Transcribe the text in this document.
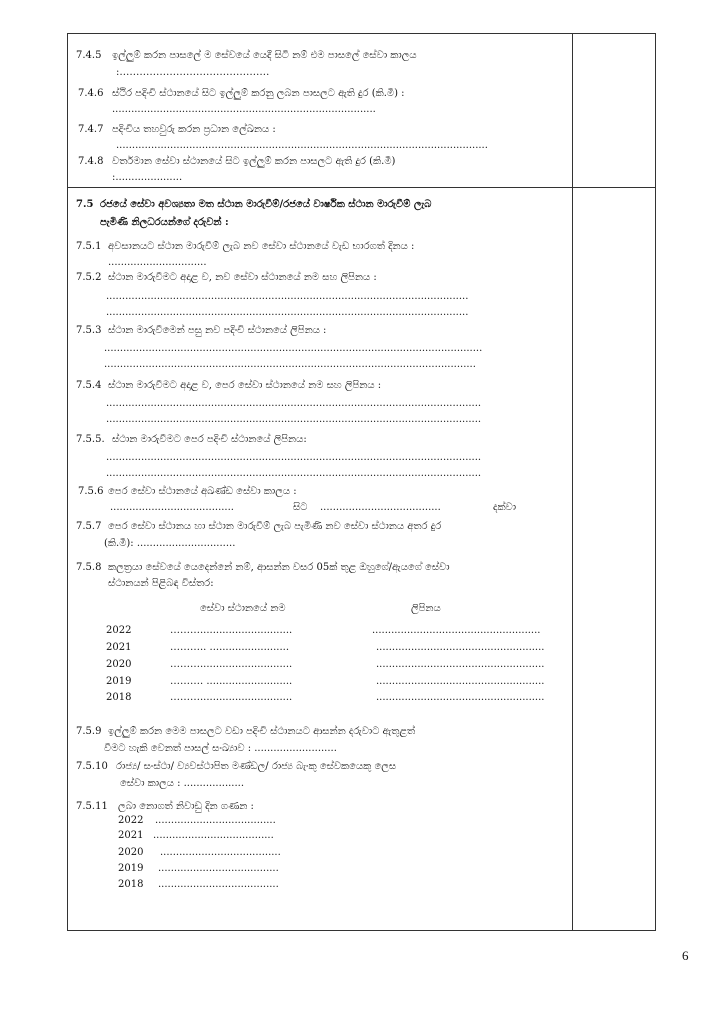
7.4.5 ඉල්ලුම් කරන පාසලේ ම සේවයේ යෙදී සිටී නම් එම පාසලේ සේවා කාලය
:………………………………………
7.4.6 ස්ථිර පදිංචි ස්ථානයේ සිට ඉල්ලුම් කරනු ලබන පාසලට ඇති දුර (කි.මී) :
...................................................................................
7.4.7 පදිංචිය තහවුරු කරන ප්‍රධාන ලේඛනය :
.....................................................................................................................
7.4.8 වර්තමාන සේවා ස්ථානයේ සිට ඉල්ලුම් කරන පාසලට ඇති දුර (කි.මී)
:.....................
7.5 රජයේ සේවා අවශ්‍යතා මත ස්ථාන මාරුවීම්/රජයේ වාර්ෂික ස්ථාන මාරුවීම් ලැබ
පැමිණි නිලධරයන්ගේ දරුවන් :
7.5.1 අවසානයට ස්ථාන මාරුවීම් ලැබ නව සේවා ස්ථානයේ වැඩ භාරගත් දිනය :
...............................
7.5.2 ස්ථාන මාරුවීමට අදාළ ව, නව සේවා ස්ථානයේ නම සහ ලිපිනය :
..................................................................................................................
..................................................................................................................
7.5.3 ස්ථාන මාරුවීමෙන් පසු නව පදිංචි ස්ථානයේ ලිපිනය :
.......................................................................................................................
.....................................................................................................................
7.5.4 ස්ථාන මාරුවීමට අදාළ ව, පෙර සේවා ස්ථානයේ නම සහ ලිපිනය :
......................................................................................................................
......................................................................................................................
7.5.5. ස්ථාන මාරුවීමට පෙර පදිංචි ස්ථානයේ ලිපිනය:
......................................................................................................................
......................................................................................................................
7.5.6 පෙර සේවා ස්ථානයේ අඛණ්ඩ සේවා කාලය :
.......................................	සිට ......................................	දක්වා
7.5.7 පෙර සේවා ස්ථානය හා ස්ථාන මාරුවීම් ලැබ පැමිණි නව සේවා ස්ථානය අතර දුර
(කි.මී): ...............................
7.5.8 කලත්‍රයා සේවයේ යෙදෙන්නේ නම්, ආසන්න වසර 05ක් තුළ ඔහුගේ/ඇයගේ සේවා
ස්ථානයන් පිළිබඳ විස්තර:
සේවා ස්ථානයේ නම	ලිපිනය
2022	……….............................	.....................................................
2021	……….. .........................	.....................................................
2020	……….............................	.....................................................
2019	………. ...........................	.....................................................
2018	……….............................	.....................................................
7.5.9 ඉල්ලුම් කරන මෙම පාසලට වඩා පදිංචි ස්ථානයට ආසන්න දරුවාට ඇතුළත්
වීමට හැකි වෙනත් පාසල් සංඛ්‍යාව : ..........................
7.5.10 රාජ්‍ය/ සංස්ථා/ ව්‍යවස්ථාපිත මණ්ඩල/ රාජ්‍ය බැංකු සේවකයෙකු ලෙස
සේවා කාලය : ...................
7.5.11 ලබා නොගත් නිවාඩු දින ගණන :
2022 ......................................
2021 ......................................
2020 ......................................
2019 ......................................
2018 ......................................
6
